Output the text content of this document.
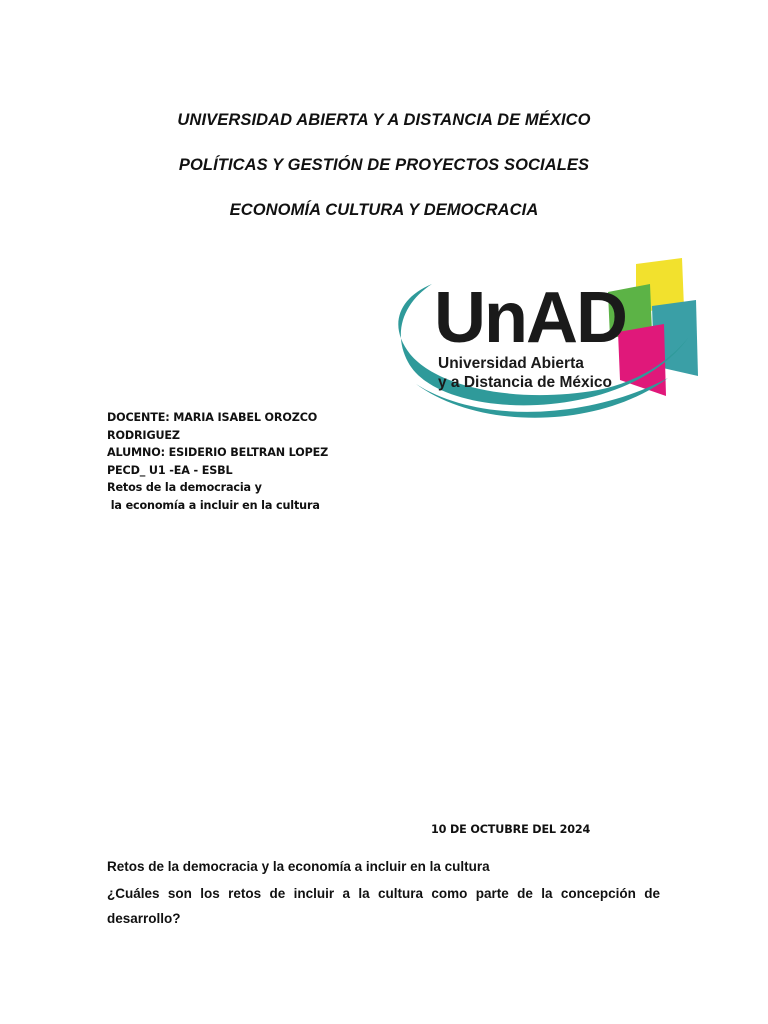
UNIVERSIDAD ABIERTA Y A DISTANCIA DE MÉXICO
POLÍTICAS Y GESTIÓN DE PROYECTOS SOCIALES
ECONOMÍA CULTURA Y DEMOCRACIA
UnAD
Universidad Abierta
y a Distancia de México
DOCENTE: MARIA ISABEL OROZCO
RODRIGUEZ
ALUMNO: ESIDERIO BELTRAN LOPEZ
PECD_ U1 -EA - ESBL
Retos de la democracia y
la economía a incluir en la cultura
10 DE OCTUBRE DEL 2024
Retos de la democracia y la economía a incluir en la cultura
¿Cuáles son los retos de incluir a la cultura como parte de la concepción de desarrollo?
